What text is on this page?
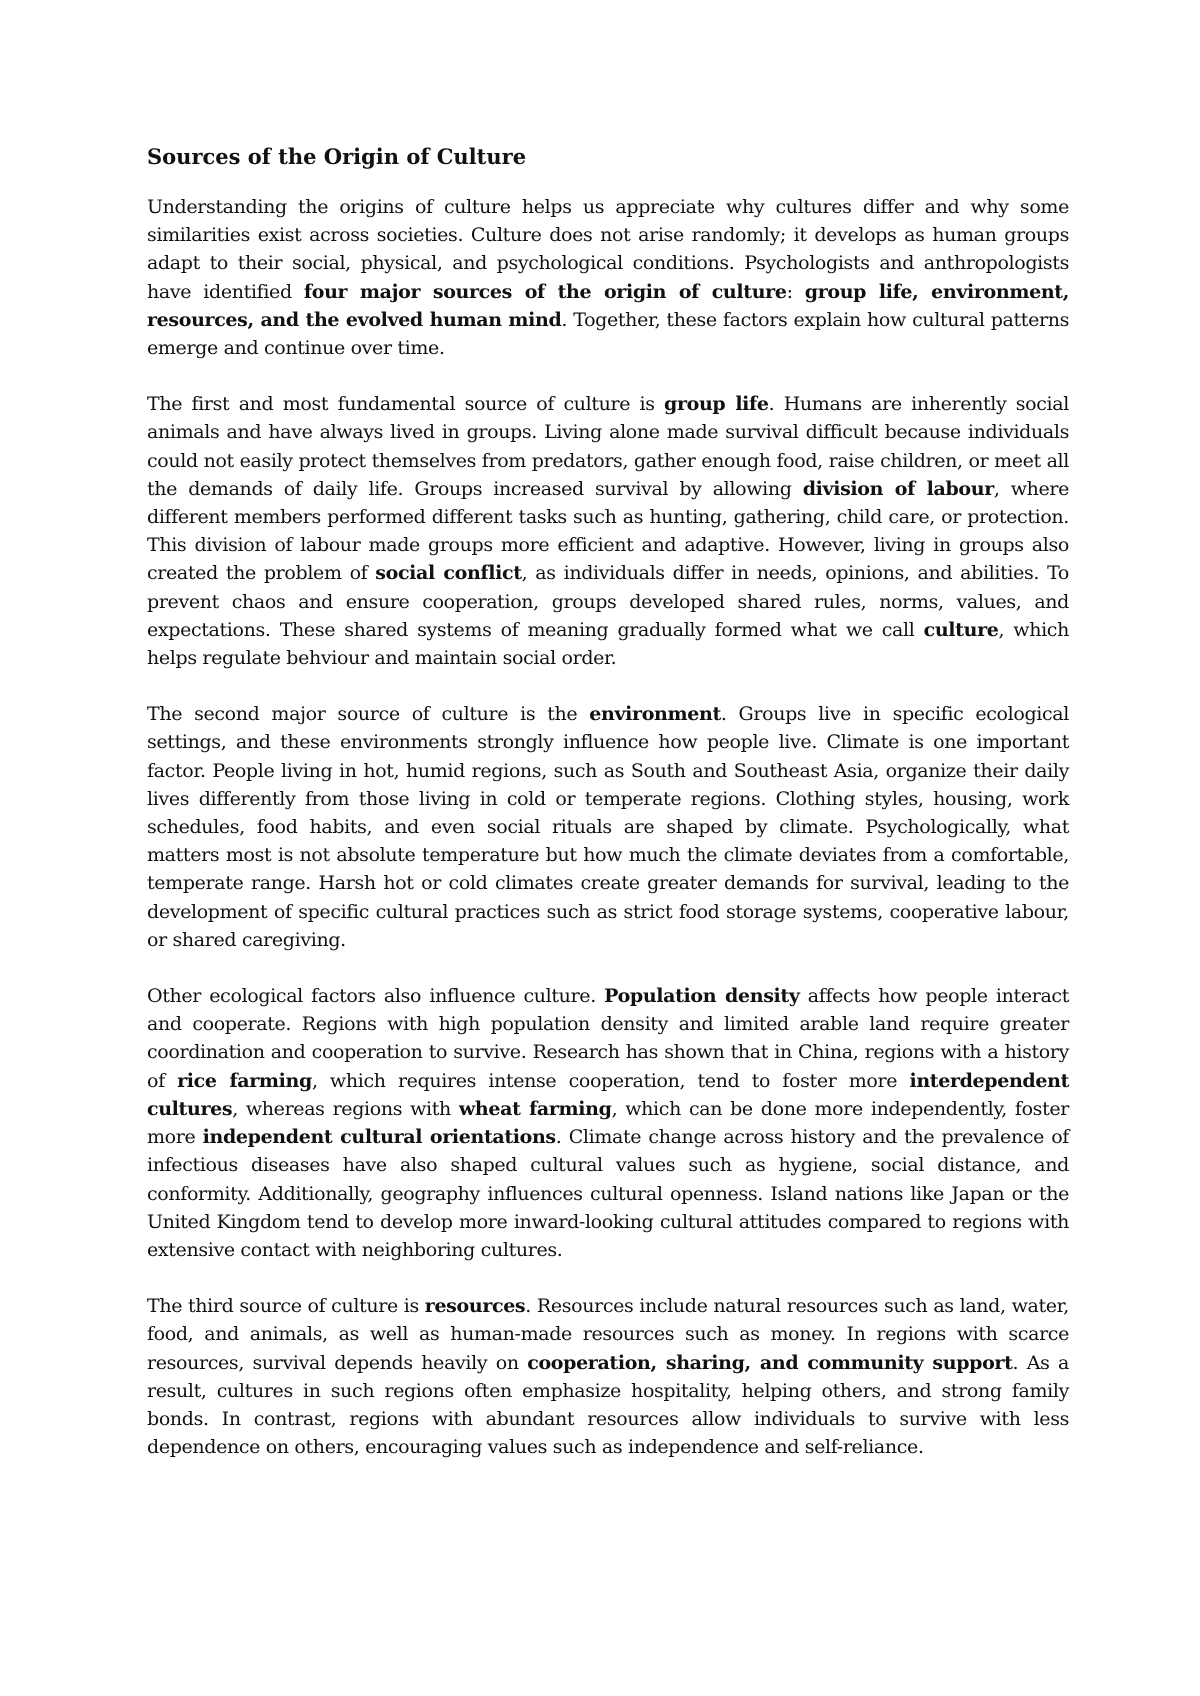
Sources of the Origin of Culture

Understanding the origins of culture helps us appreciate why cultures differ and why some similarities exist across societies. Culture does not arise randomly; it develops as human groups adapt to their social, physical, and psychological conditions. Psychologists and anthropologists have identified four major sources of the origin of culture: group life, environment, resources, and the evolved human mind. Together, these factors explain how cultural patterns emerge and continue over time.

The first and most fundamental source of culture is group life. Humans are inherently social animals and have always lived in groups. Living alone made survival difficult because individuals could not easily protect themselves from predators, gather enough food, raise children, or meet all the demands of daily life. Groups increased survival by allowing division of labour, where different members performed different tasks such as hunting, gathering, child care, or protection. This division of labour made groups more efficient and adaptive. However, living in groups also created the problem of social conflict, as individuals differ in needs, opinions, and abilities. To prevent chaos and ensure cooperation, groups developed shared rules, norms, values, and expectations. These shared systems of meaning gradually formed what we call culture, which helps regulate behviour and maintain social order.

The second major source of culture is the environment. Groups live in specific ecological settings, and these environments strongly influence how people live. Climate is one important factor. People living in hot, humid regions, such as South and Southeast Asia, organize their daily lives differently from those living in cold or temperate regions. Clothing styles, housing, work schedules, food habits, and even social rituals are shaped by climate. Psychologically, what matters most is not absolute temperature but how much the climate deviates from a comfortable, temperate range. Harsh hot or cold climates create greater demands for survival, leading to the development of specific cultural practices such as strict food storage systems, cooperative labour, or shared caregiving.

Other ecological factors also influence culture. Population density affects how people interact and cooperate. Regions with high population density and limited arable land require greater coordination and cooperation to survive. Research has shown that in China, regions with a history of rice farming, which requires intense cooperation, tend to foster more interdependent cultures, whereas regions with wheat farming, which can be done more independently, foster more independent cultural orientations. Climate change across history and the prevalence of infectious diseases have also shaped cultural values such as hygiene, social distance, and conformity. Additionally, geography influences cultural openness. Island nations like Japan or the United Kingdom tend to develop more inward-looking cultural attitudes compared to regions with extensive contact with neighboring cultures.

The third source of culture is resources. Resources include natural resources such as land, water, food, and animals, as well as human-made resources such as money. In regions with scarce resources, survival depends heavily on cooperation, sharing, and community support. As a result, cultures in such regions often emphasize hospitality, helping others, and strong family bonds. In contrast, regions with abundant resources allow individuals to survive with less dependence on others, encouraging values such as independence and self-reliance.
